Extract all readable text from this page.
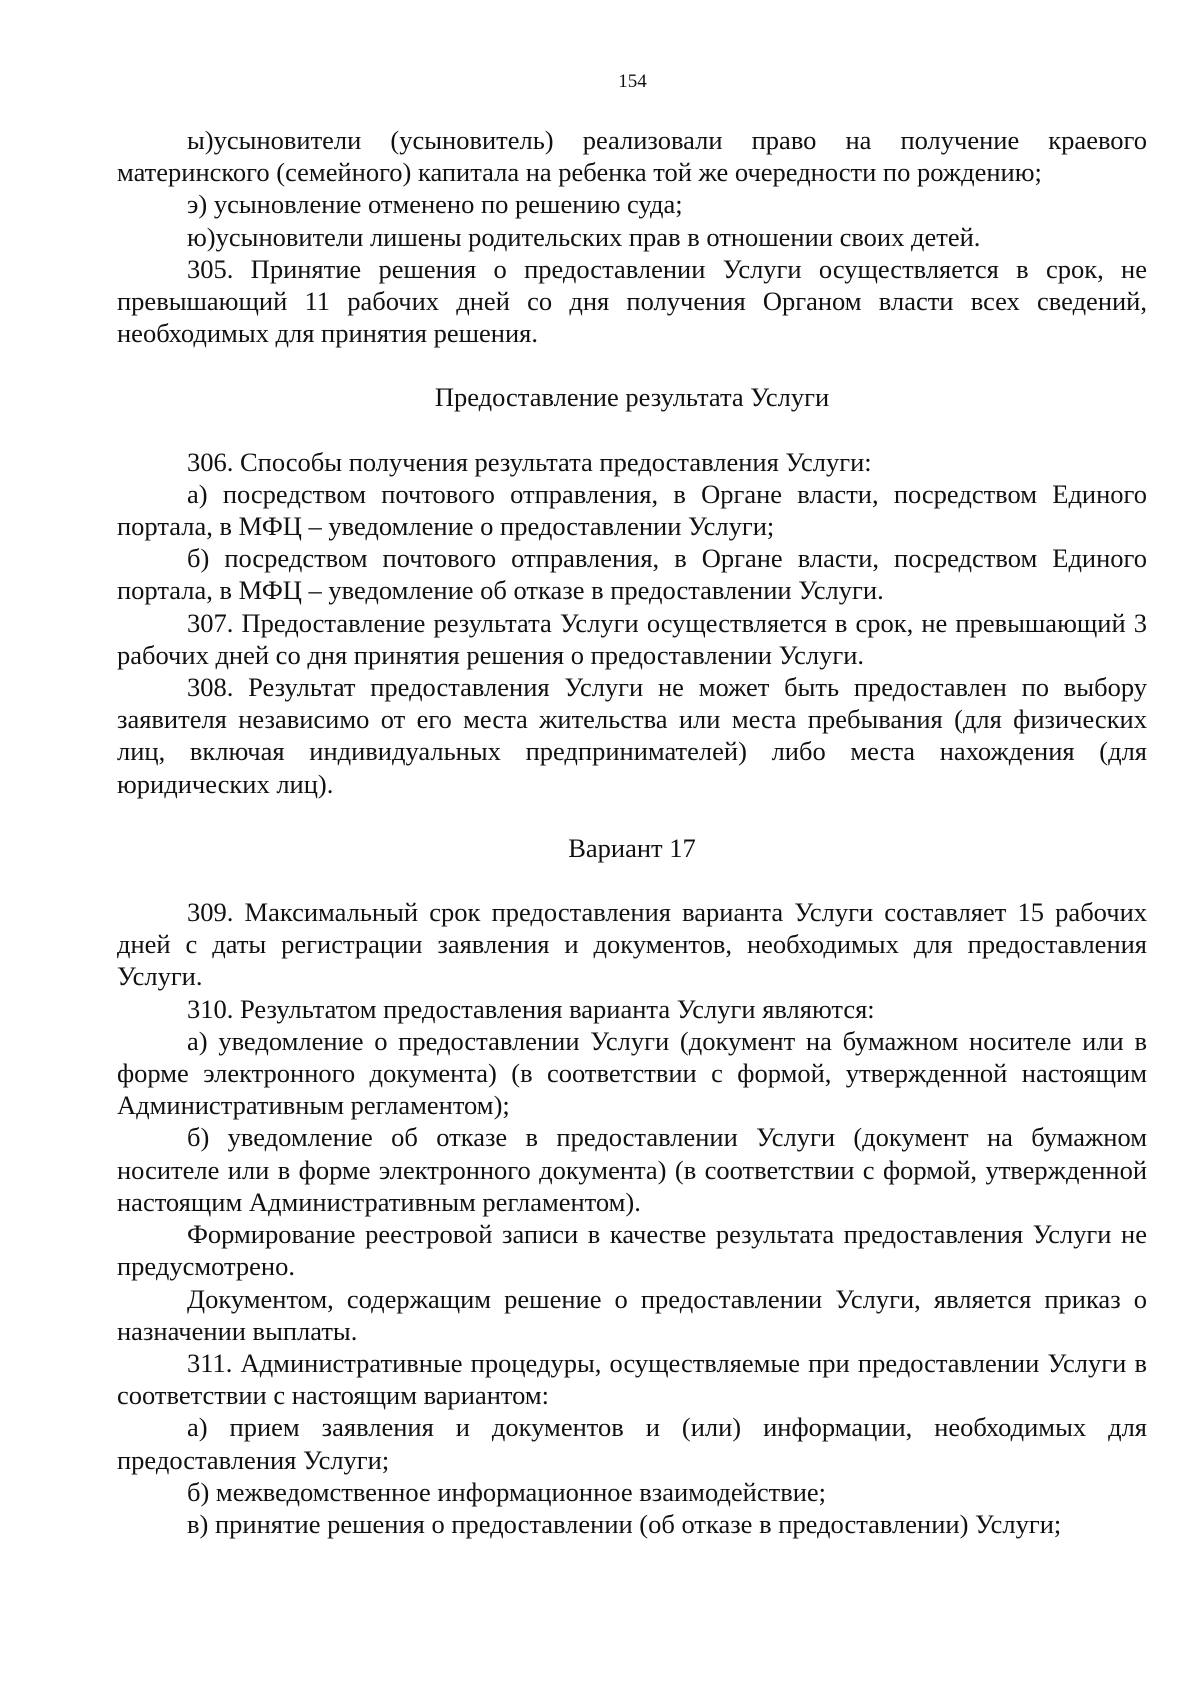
154

ы)усыновители (усыновитель) реализовали право на получение краевого материнского (семейного) капитала на ребенка той же очередности по рождению;

э) усыновление отменено по решению суда;

ю)усыновители лишены родительских прав в отношении своих детей.

305. Принятие решения о предоставлении Услуги осуществляется в срок, не превышающий 11 рабочих дней со дня получения Органом власти всех сведений, необходимых для принятия решения.

Предоставление результата Услуги

306. Способы получения результата предоставления Услуги:

а) посредством почтового отправления, в Органе власти, посредством Единого портала, в МФЦ – уведомление о предоставлении Услуги;

б) посредством почтового отправления, в Органе власти, посредством Единого портала, в МФЦ – уведомление об отказе в предоставлении Услуги.

307. Предоставление результата Услуги осуществляется в срок, не превышающий 3 рабочих дней со дня принятия решения о предоставлении Услуги.

308. Результат предоставления Услуги не может быть предоставлен по выбору заявителя независимо от его места жительства или места пребывания (для физических лиц, включая индивидуальных предпринимателей) либо места нахождения (для юридических лиц).

Вариант 17

309. Максимальный срок предоставления варианта Услуги составляет 15 рабочих дней с даты регистрации заявления и документов, необходимых для предоставления Услуги.

310. Результатом предоставления варианта Услуги являются:

а) уведомление о предоставлении Услуги (документ на бумажном носителе или в форме электронного документа) (в соответствии с формой, утвержденной настоящим Административным регламентом);

б) уведомление об отказе в предоставлении Услуги (документ на бумажном носителе или в форме электронного документа) (в соответствии с формой, утвержденной настоящим Административным регламентом).

Формирование реестровой записи в качестве результата предоставления Услуги не предусмотрено.

Документом, содержащим решение о предоставлении Услуги, является приказ о назначении выплаты.

311. Административные процедуры, осуществляемые при предоставлении Услуги в соответствии с настоящим вариантом:

а) прием заявления и документов и (или) информации, необходимых для предоставления Услуги;

б) межведомственное информационное взаимодействие;

в) принятие решения о предоставлении (об отказе в предоставлении) Услуги;
